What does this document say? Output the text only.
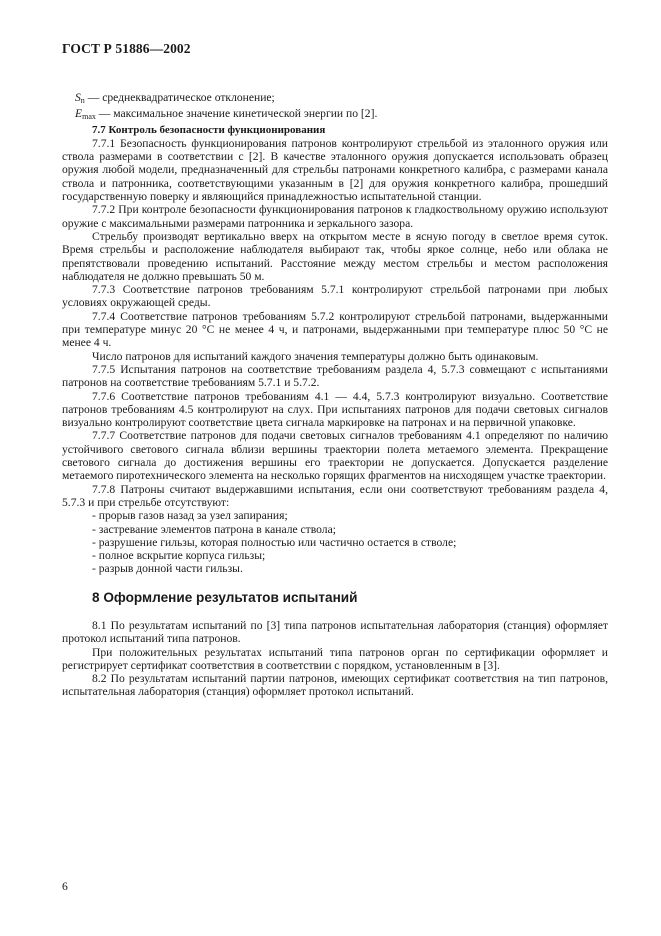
ГОСТ Р 51886—2002

$S_n$ — среднеквадратическое отклонение;

$E_{max}$ — максимальное значение кинетической энергии по [2].

7.7 Контроль безопасности функционирования

7.7.1 Безопасность функционирования патронов контролируют стрельбой из эталонного оружия или ствола размерами в соответствии с [2]. В качестве эталонного оружия допускается использовать образец оружия любой модели, предназначенный для стрельбы патронами конкретного калибра, с размерами канала ствола и патронника, соответствующими указанным в [2] для оружия конкретного калибра, прошедший государственную поверку и являющийся принадлежностью испытательной станции.

7.7.2 При контроле безопасности функционирования патронов к гладкоствольному оружию используют оружие с максимальными размерами патронника и зеркального зазора.

Стрельбу производят вертикально вверх на открытом месте в ясную погоду в светлое время суток. Время стрельбы и расположение наблюдателя выбирают так, чтобы яркое солнце, небо или облака не препятствовали проведению испытаний. Расстояние между местом стрельбы и местом расположения наблюдателя не должно превышать 50 м.

7.7.3 Соответствие патронов требованиям 5.7.1 контролируют стрельбой патронами при любых условиях окружающей среды.

7.7.4 Соответствие патронов требованиям 5.7.2 контролируют стрельбой патронами, выдержанными при температуре минус 20 °С не менее 4 ч, и патронами, выдержанными при температуре плюс 50 °С не менее 4 ч.

Число патронов для испытаний каждого значения температуры должно быть одинаковым.

7.7.5 Испытания патронов на соответствие требованиям раздела 4, 5.7.3 совмещают с испытаниями патронов на соответствие требованиям 5.7.1 и 5.7.2.

7.7.6 Соответствие патронов требованиям 4.1 — 4.4, 5.7.3 контролируют визуально. Соответствие патронов требованиям 4.5 контролируют на слух. При испытаниях патронов для подачи световых сигналов визуально контролируют соответствие цвета сигнала маркировке на патронах и на первичной упаковке.

7.7.7 Соответствие патронов для подачи световых сигналов требованиям 4.1 определяют по наличию устойчивого светового сигнала вблизи вершины траектории полета метаемого элемента. Прекращение светового сигнала до достижения вершины его траектории не допускается. Допускается разделение метаемого пиротехнического элемента на несколько горящих фрагментов на нисходящем участке траектории.

7.7.8 Патроны считают выдержавшими испытания, если они соответствуют требованиям раздела 4, 5.7.3 и при стрельбе отсутствуют:

- прорыв газов назад за узел запирания;

- застревание элементов патрона в канале ствола;

- разрушение гильзы, которая полностью или частично остается в стволе;

- полное вскрытие корпуса гильзы;

- разрыв донной части гильзы.

8 Оформление результатов испытаний

8.1 По результатам испытаний по [3] типа патронов испытательная лаборатория (станция) оформляет протокол испытаний типа патронов.

При положительных результатах испытаний типа патронов орган по сертификации оформляет и регистрирует сертификат соответствия в соответствии с порядком, установленным в [3].

8.2 По результатам испытаний партии патронов, имеющих сертификат соответствия на тип патронов, испытательная лаборатория (станция) оформляет протокол испытаний.

6
